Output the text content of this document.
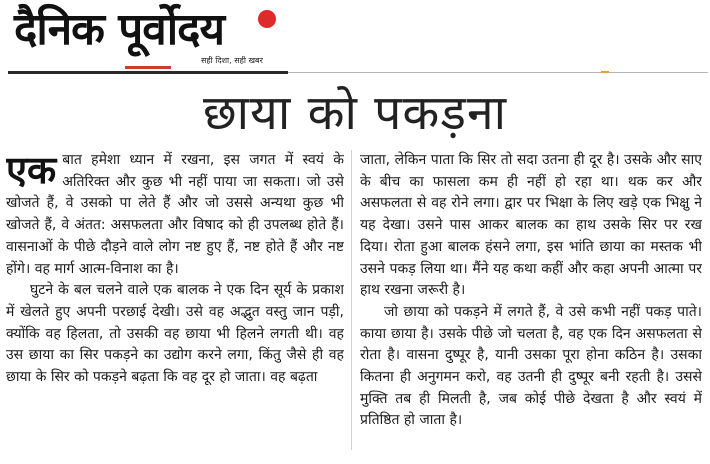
दैनिक पूर्वोदय
सही दिशा, सही खबर
छाया को पकड़ना
एक बात हमेशा ध्यान में रखना, इस जगत में स्वयं के अतिरिक्त और कुछ भी नहीं पाया जा सकता। जो उसे खोजते हैं, वे उसको पा लेते हैं और जो उससे अन्यथा कुछ भी खोजते हैं, वे अंतत: असफलता और विषाद को ही उपलब्ध होते हैं। वासनाओं के पीछे दौड़ने वाले लोग नष्ट हुए हैं, नष्ट होते हैं और नष्ट होंगे। वह मार्ग आत्म-विनाश का है।

घुटने के बल चलने वाले एक बालक ने एक दिन सूर्य के प्रकाश में खेलते हुए अपनी परछाई देखी। उसे वह अद्भुत वस्तु जान पड़ी, क्योंकि वह हिलता, तो उसकी वह छाया भी हिलने लगती थी। वह उस छाया का सिर पकड़ने का उद्योग करने लगा, किंतु जैसे ही वह छाया के सिर को पकड़ने बढ़ता कि वह दूर हो जाता। वह बढ़ता

जाता, लेकिन पाता कि सिर तो सदा उतना ही दूर है। उसके और साए के बीच का फासला कम ही नहीं हो रहा था। थक कर और असफलता से वह रोने लगा। द्वार पर भिक्षा के लिए खड़े एक भिक्षु ने यह देखा। उसने पास आकर बालक का हाथ उसके सिर पर रख दिया। रोता हुआ बालक हंसने लगा, इस भांति छाया का मस्तक भी उसने पकड़ लिया था। मैंने यह कथा कहीं और कहा अपनी आत्मा पर हाथ रखना जरूरी है।

जो छाया को पकड़ने में लगते हैं, वे उसे कभी नहीं पकड़ पाते। काया छाया है। उसके पीछे जो चलता है, वह एक दिन असफलता से रोता है। वासना दुष्पूर है, यानी उसका पूरा होना कठिन है। उसका कितना ही अनुगमन करो, वह उतनी ही दुष्पूर बनी रहती है। उससे मुक्ति तब ही मिलती है, जब कोई पीछे देखता है और स्वयं में प्रतिष्ठित हो जाता है।
